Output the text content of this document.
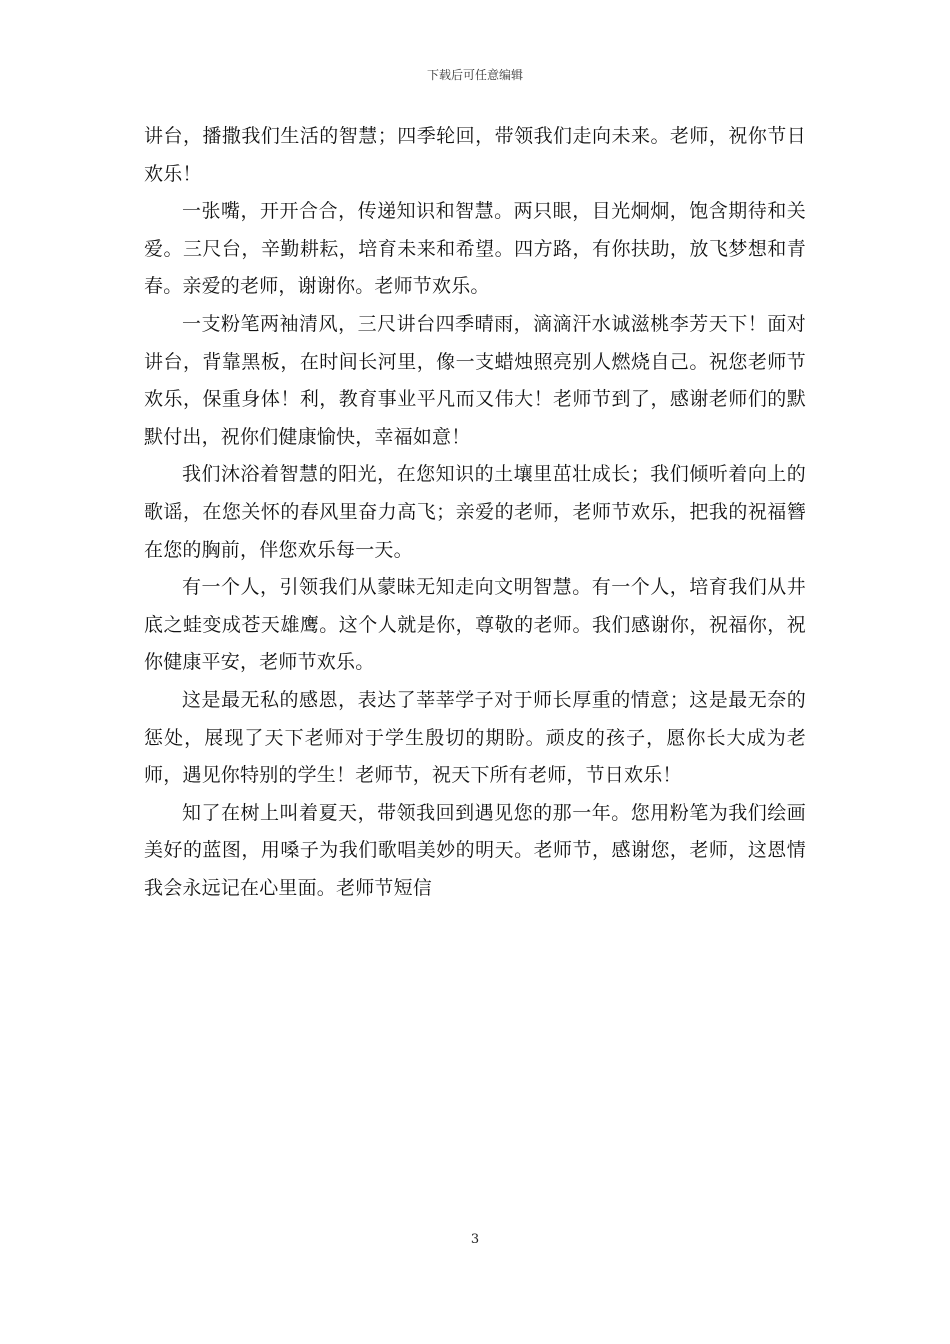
下载后可任意编辑

讲台，播撒我们生活的智慧；四季轮回，带领我们走向未来。老师，祝你节日欢乐！

一张嘴，开开合合，传递知识和智慧。两只眼，目光炯炯，饱含期待和关爱。三尺台，辛勤耕耘，培育未来和希望。四方路，有你扶助，放飞梦想和青春。亲爱的老师，谢谢你。老师节欢乐。

一支粉笔两袖清风，三尺讲台四季晴雨，滴滴汗水诚滋桃李芳天下！面对讲台，背靠黑板，在时间长河里，像一支蜡烛照亮别人燃烧自己。祝您老师节欢乐，保重身体！利，教育事业平凡而又伟大！老师节到了，感谢老师们的默默付出，祝你们健康愉快，幸福如意！

我们沐浴着智慧的阳光，在您知识的土壤里茁壮成长；我们倾听着向上的歌谣，在您关怀的春风里奋力高飞；亲爱的老师，老师节欢乐，把我的祝福簪在您的胸前，伴您欢乐每一天。

有一个人，引领我们从蒙昧无知走向文明智慧。有一个人，培育我们从井底之蛙变成苍天雄鹰。这个人就是你，尊敬的老师。我们感谢你，祝福你，祝你健康平安，老师节欢乐。

这是最无私的感恩，表达了莘莘学子对于师长厚重的情意；这是最无奈的惩处，展现了天下老师对于学生殷切的期盼。顽皮的孩子，愿你长大成为老师，遇见你特别的学生！老师节，祝天下所有老师，节日欢乐！

知了在树上叫着夏天，带领我回到遇见您的那一年。您用粉笔为我们绘画美好的蓝图，用嗓子为我们歌唱美妙的明天。老师节，感谢您，老师，这恩情我会永远记在心里面。老师节短信

3
